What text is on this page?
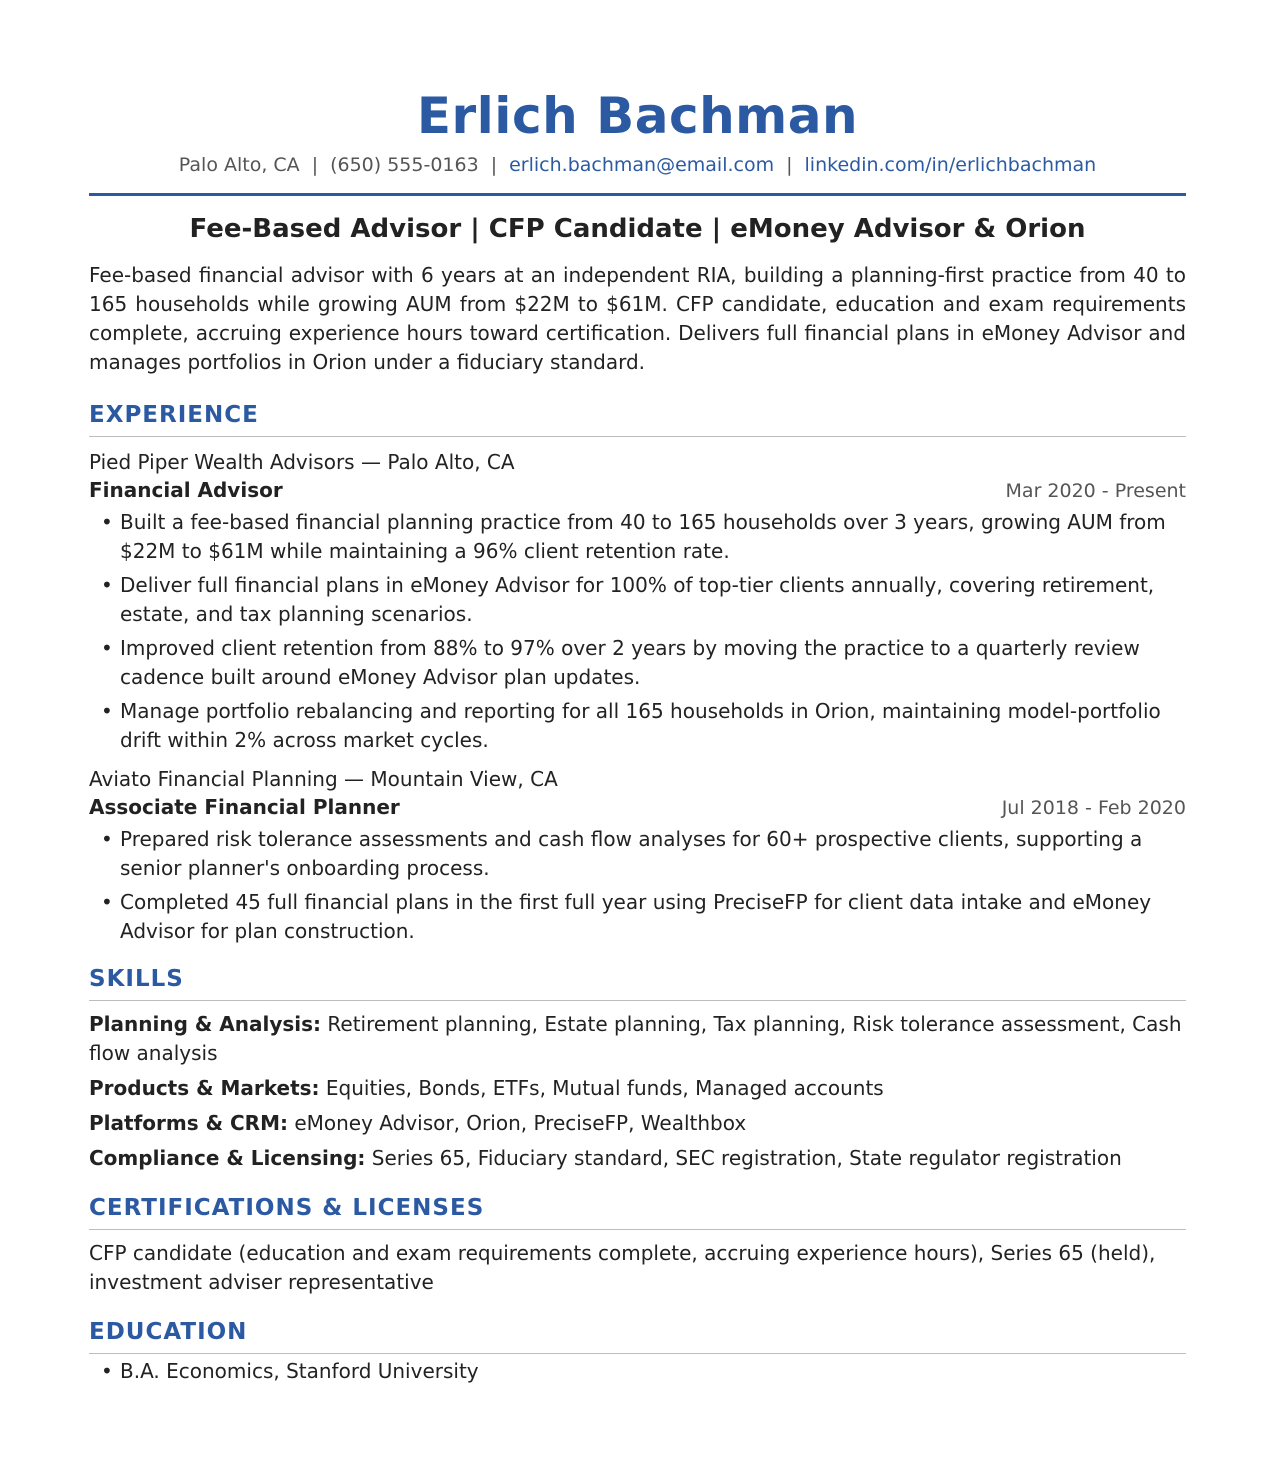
Erlich Bachman
Palo Alto, CA | (650) 555-0163 | erlich.bachman@email.com | linkedin.com/in/erlichbachman
Fee-Based Advisor | CFP Candidate | eMoney Advisor & Orion
Fee-based financial advisor with 6 years at an independent RIA, building a planning-first practice from 40 to 165 households while growing AUM from $22M to $61M. CFP candidate, education and exam requirements complete, accruing experience hours toward certification. Delivers full financial plans in eMoney Advisor and manages portfolios in Orion under a fiduciary standard.
EXPERIENCE
Pied Piper Wealth Advisors — Palo Alto, CA
Financial Advisor	Mar 2020 - Present
• Built a fee-based financial planning practice from 40 to 165 households over 3 years, growing AUM from $22M to $61M while maintaining a 96% client retention rate.
• Deliver full financial plans in eMoney Advisor for 100% of top-tier clients annually, covering retirement, estate, and tax planning scenarios.
• Improved client retention from 88% to 97% over 2 years by moving the practice to a quarterly review cadence built around eMoney Advisor plan updates.
• Manage portfolio rebalancing and reporting for all 165 households in Orion, maintaining model-portfolio drift within 2% across market cycles.
Aviato Financial Planning — Mountain View, CA
Associate Financial Planner	Jul 2018 - Feb 2020
• Prepared risk tolerance assessments and cash flow analyses for 60+ prospective clients, supporting a senior planner's onboarding process.
• Completed 45 full financial plans in the first full year using PreciseFP for client data intake and eMoney Advisor for plan construction.
SKILLS
Planning & Analysis: Retirement planning, Estate planning, Tax planning, Risk tolerance assessment, Cash flow analysis
Products & Markets: Equities, Bonds, ETFs, Mutual funds, Managed accounts
Platforms & CRM: eMoney Advisor, Orion, PreciseFP, Wealthbox
Compliance & Licensing: Series 65, Fiduciary standard, SEC registration, State regulator registration
CERTIFICATIONS & LICENSES
CFP candidate (education and exam requirements complete, accruing experience hours), Series 65 (held), investment adviser representative
EDUCATION
• B.A. Economics, Stanford University
